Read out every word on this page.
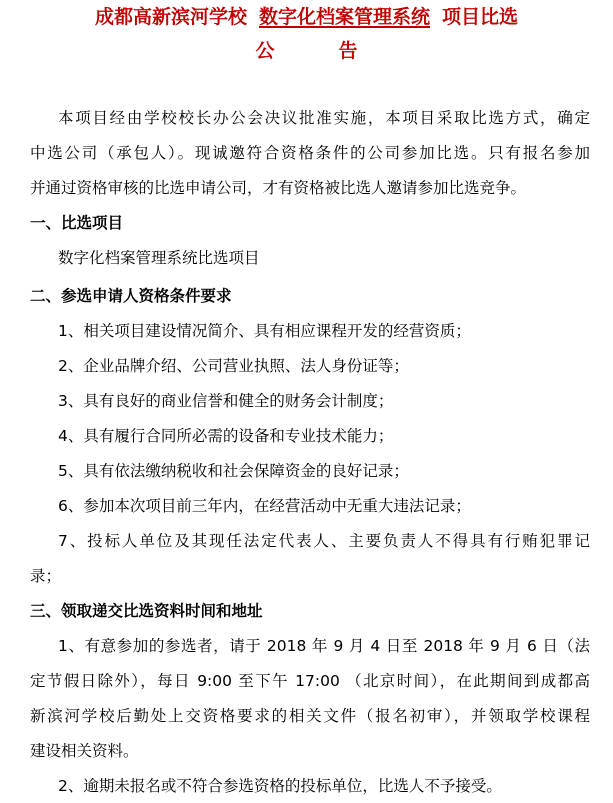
成都高新滨河学校 数字化档案管理系统 项目比选
公	告
本项目经由学校校长办公会决议批准实施，本项目采取比选方式，确定
中选公司（承包人）。现诚邀符合资格条件的公司参加比选。只有报名参加
并通过资格审核的比选申请公司，才有资格被比选人邀请参加比选竞争。
一、比选项目
数字化档案管理系统比选项目
二、参选申请人资格条件要求
1、相关项目建设情况简介、具有相应课程开发的经营资质；
2、企业品牌介绍、公司营业执照、法人身份证等；
3、具有良好的商业信誉和健全的财务会计制度；
4、具有履行合同所必需的设备和专业技术能力；
5、具有依法缴纳税收和社会保障资金的良好记录；
6、参加本次项目前三年内，在经营活动中无重大违法记录；
7、投标人单位及其现任法定代表人、主要负责人不得具有行贿犯罪记
录；
三、领取递交比选资料时间和地址
1、有意参加的参选者，请于 2018 年 9 月 4 日至 2018 年 9 月 6 日（法
定节假日除外），每日 9:00 至下午 17:00 （北京时间），在此期间到成都高
新滨河学校后勤处上交资格要求的相关文件（报名初审），并领取学校课程
建设相关资料。
2、逾期未报名或不符合参选资格的投标单位，比选人不予接受。
